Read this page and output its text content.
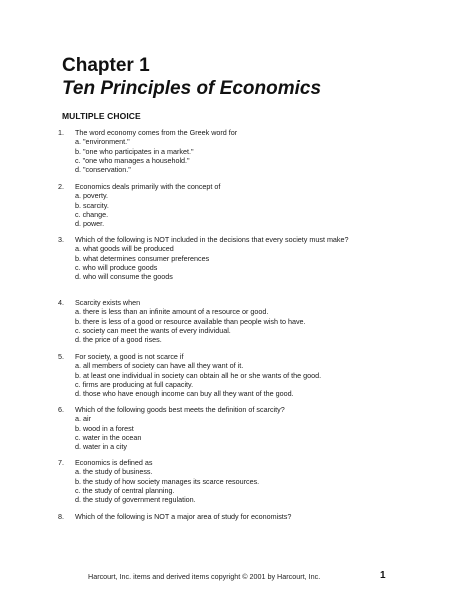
Chapter 1
Ten Principles of Economics
MULTIPLE CHOICE
1.	The word economy comes from the Greek word for
a. "environment."
b. "one who participates in a market."
c. "one who manages a household."
d. "conservation."
2.	Economics deals primarily with the concept of
a. poverty.
b. scarcity.
c. change.
d. power.
3.	Which of the following is NOT included in the decisions that every society must make?
a. what goods will be produced
b. what determines consumer preferences
c. who will produce goods
d. who will consume the goods
4.	Scarcity exists when
a. there is less than an infinite amount of a resource or good.
b. there is less of a good or resource available than people wish to have.
c. society can meet the wants of every individual.
d. the price of a good rises.
5.	For society, a good is not scarce if
a. all members of society can have all they want of it.
b. at least one individual in society can obtain all he or she wants of the good.
c. firms are producing at full capacity.
d. those who have enough income can buy all they want of the good.
6.	Which of the following goods best meets the definition of scarcity?
a. air
b. wood in a forest
c. water in the ocean
d. water in a city
7.	Economics is defined as
a. the study of business.
b. the study of how society manages its scarce resources.
c. the study of central planning.
d. the study of government regulation.
8.	Which of the following is NOT a major area of study for economists?
Harcourt, Inc. items and derived items copyright © 2001 by Harcourt, Inc.	1
